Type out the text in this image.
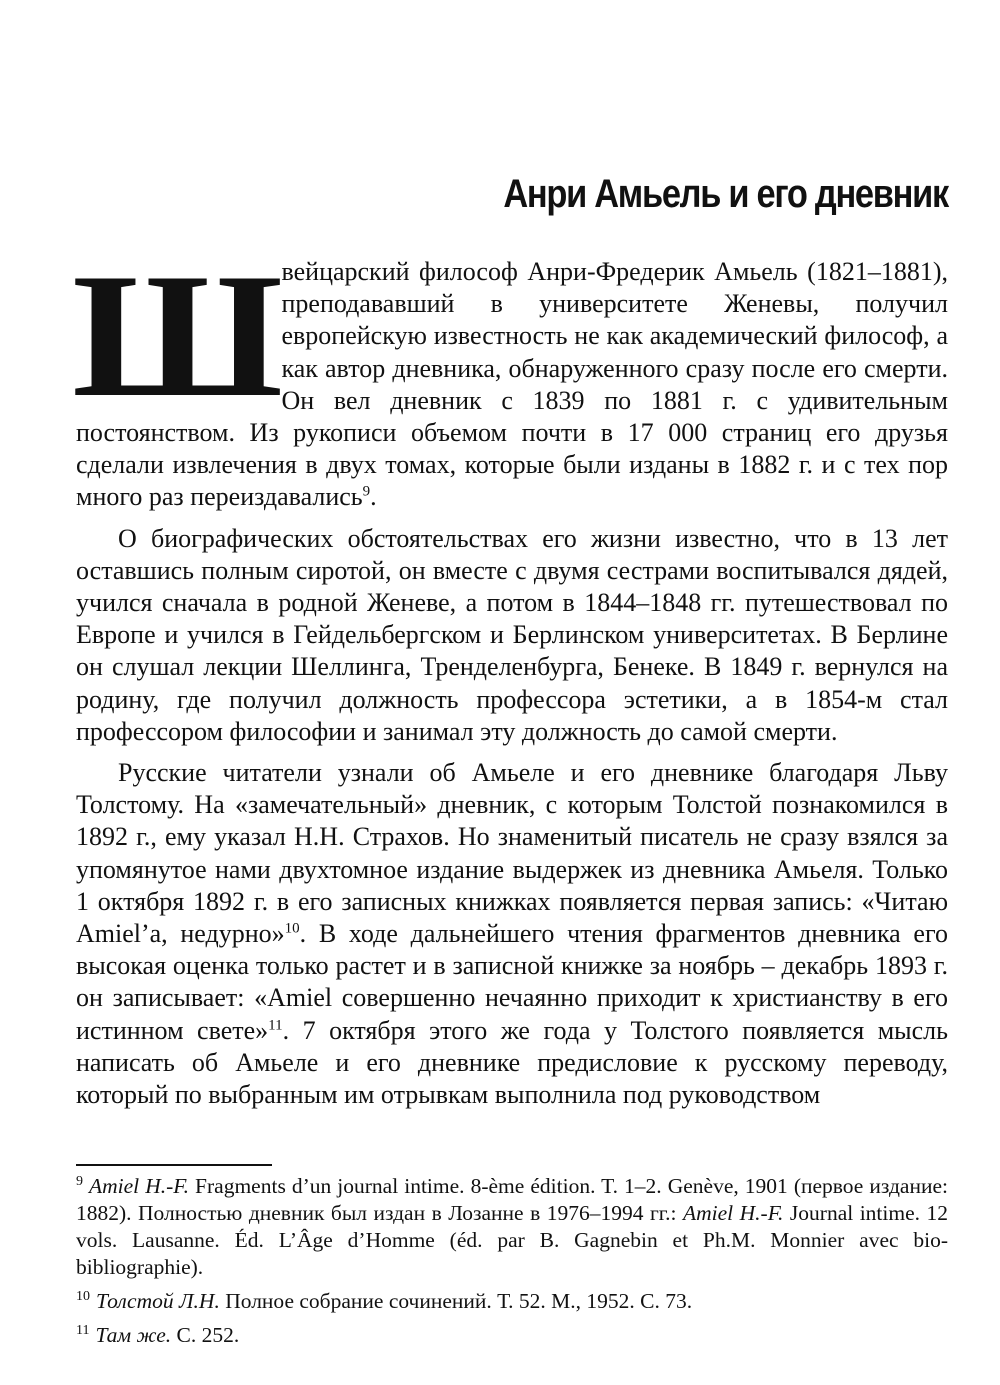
Анри Амьель и его дневник

Ш
вейцарский философ Анри-Фредерик Амьель (1821–1881), преподававший в университете Женевы, получил европейскую известность не как академический философ, а как автор дневника, обнаруженного сразу после его смерти. Он вел дневник с 1839 по 1881 г. с удивительным постоянством. Из рукописи объемом почти в 17 000 страниц его друзья сделали извлечения в двух томах, которые были изданы в 1882 г. и с тех пор много раз переиздавались$^9$.

О биографических обстоятельствах его жизни известно, что в 13 лет оставшись полным сиротой, он вместе с двумя сестрами воспитывался дядей, учился сначала в родной Женеве, а потом в 1844–1848 гг. путешествовал по Европе и учился в Гейдельбергском и Берлинском университетах. В Берлине он слушал лекции Шеллинга, Тренделенбурга, Бенеке. В 1849 г. вернулся на родину, где получил должность профессора эстетики, а в 1854-м стал профессором философии и занимал эту должность до самой смерти.

Русские читатели узнали об Амьеле и его дневнике благодаря Льву Толстому. На «замечательный» дневник, с которым Толстой познакомился в 1892 г., ему указал Н.Н. Страхов. Но знаменитый писатель не сразу взялся за упомянутое нами двухтомное издание выдержек из дневника Амьеля. Только 1 октября 1892 г. в его записных книжках появляется первая запись: «Читаю Amiel’a, недурно»$^{10}$. В ходе дальнейшего чтения фрагментов дневника его высокая оценка только растет и в записной книжке за ноябрь – декабрь 1893 г. он записывает: «Amiel совершенно нечаянно приходит к христианству в его истинном свете»$^{11}$. 7 октября этого же года у Толстого появляется мысль написать об Амьеле и его дневнике предисловие к русскому переводу, который по выбранным им отрывкам выполнила под руководством

$^9$ Amiel H.-F. Fragments d’un journal intime. 8-ème édition. T. 1–2. Genève, 1901 (первое издание: 1882). Полностью дневник был издан в Лозанне в 1976–1994 гг.: Amiel H.-F. Journal intime. 12 vols. Lausanne. Éd. L’Âge d’Homme (éd. par B. Gagnebin et Ph.M. Monnier avec bio-bibliographie).

$^{10}$ Толстой Л.Н. Полное собрание сочинений. Т. 52. М., 1952. С. 73.

$^{11}$ Там же. С. 252.
